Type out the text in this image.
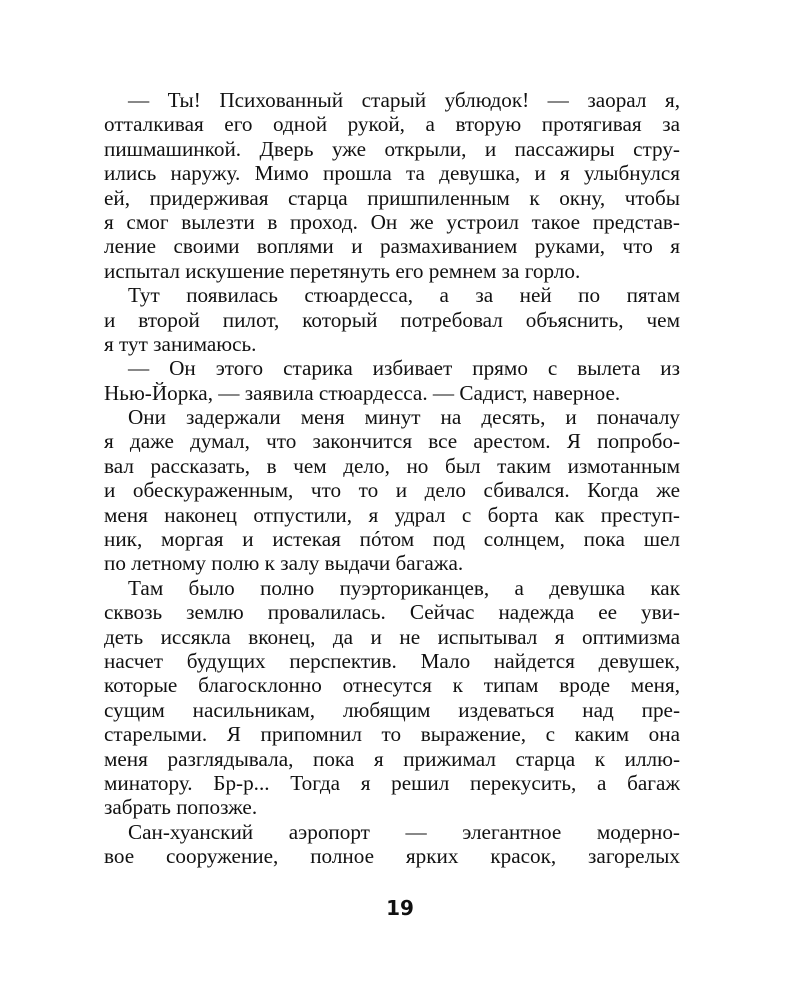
— Ты! Психованный старый ублюдок! — заорал я,
отталкивая его одной рукой, а вторую протягивая за
пишмашинкой. Дверь уже открыли, и пассажиры стру-
ились наружу. Мимо прошла та девушка, и я улыбнулся
ей, придерживая старца пришпиленным к окну, чтобы
я смог вылезти в проход. Он же устроил такое представ-
ление своими воплями и размахиванием руками, что я
испытал искушение перетянуть его ремнем за горло.
Тут появилась стюардесса, а за ней по пятам
и второй пилот, который потребовал объяснить, чем
я тут занимаюсь.
— Он этого старика избивает прямо с вылета из
Нью-Йорка, — заявила стюардесса. — Садист, наверное.
Они задержали меня минут на десять, и поначалу
я даже думал, что закончится все арестом. Я попробо-
вал рассказать, в чем дело, но был таким измотанным
и обескураженным, что то и дело сбивался. Когда же
меня наконец отпустили, я удрал с борта как преступ-
ник, моргая и истекая пóтом под солнцем, пока шел
по летному полю к залу выдачи багажа.
Там было полно пуэрториканцев, а девушка как
сквозь землю провалилась. Сейчас надежда ее уви-
деть иссякла вконец, да и не испытывал я оптимизма
насчет будущих перспектив. Мало найдется девушек,
которые благосклонно отнесутся к типам вроде меня,
сущим насильникам, любящим издеваться над пре-
старелыми. Я припомнил то выражение, с каким она
меня разглядывала, пока я прижимал старца к иллю-
минатору. Бр-р... Тогда я решил перекусить, а багаж
забрать попозже.
Сан-хуанский аэропорт — элегантное модерно-
вое сооружение, полное ярких красок, загорелых
19
